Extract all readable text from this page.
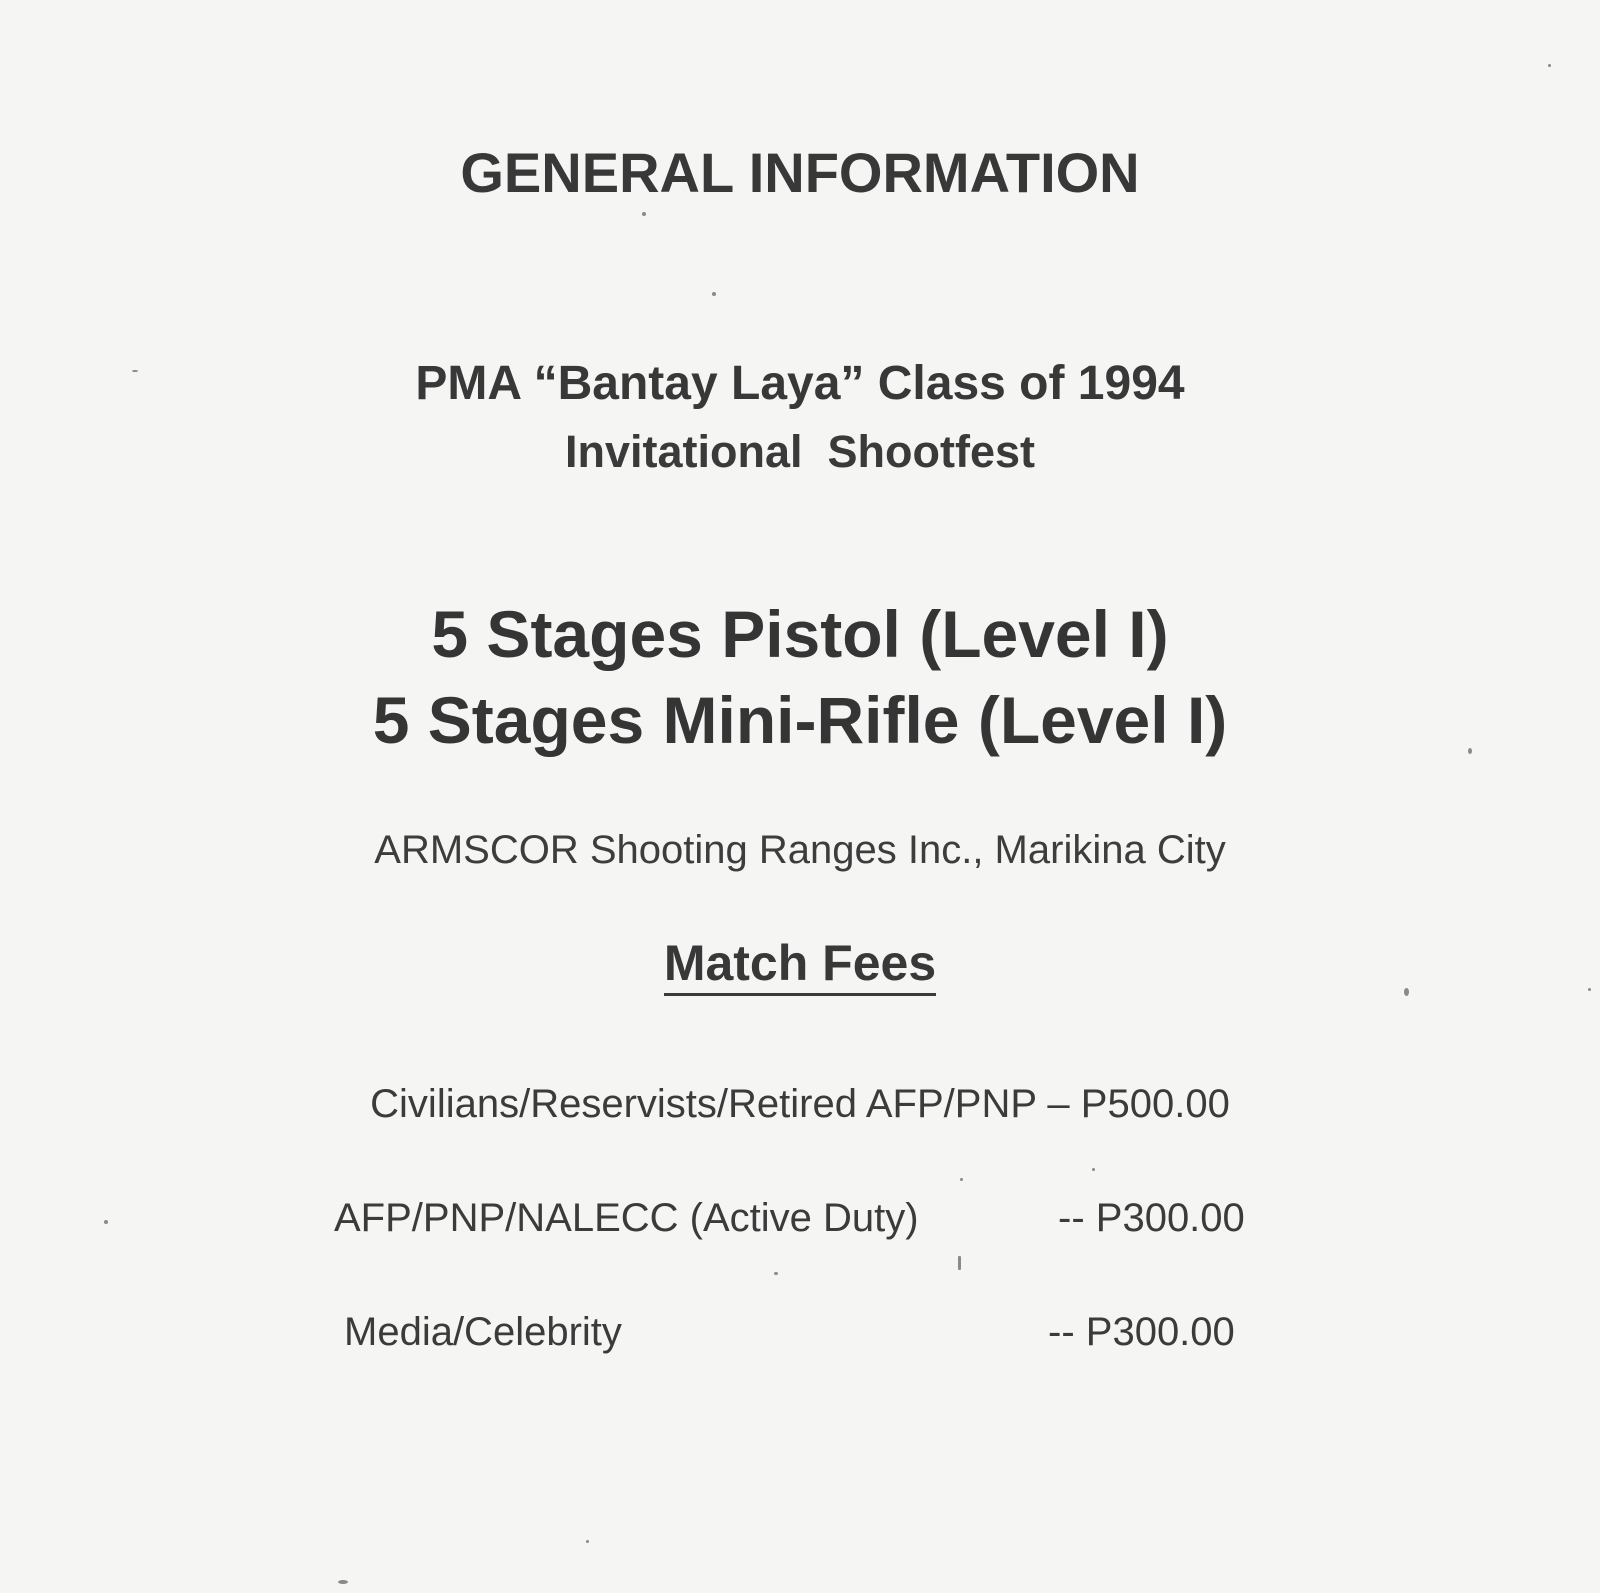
GENERAL INFORMATION

PMA “Bantay Laya” Class of 1994

Invitational  Shootfest

5 Stages Pistol (Level I)

5 Stages Mini-Rifle (Level I)

ARMSCOR Shooting Ranges Inc., Marikina City

Match Fees

Civilians/Reservists/Retired AFP/PNP – P500.00
AFP/PNP/NALECC (Active Duty)	-- P300.00
Media/Celebrity	-- P300.00
